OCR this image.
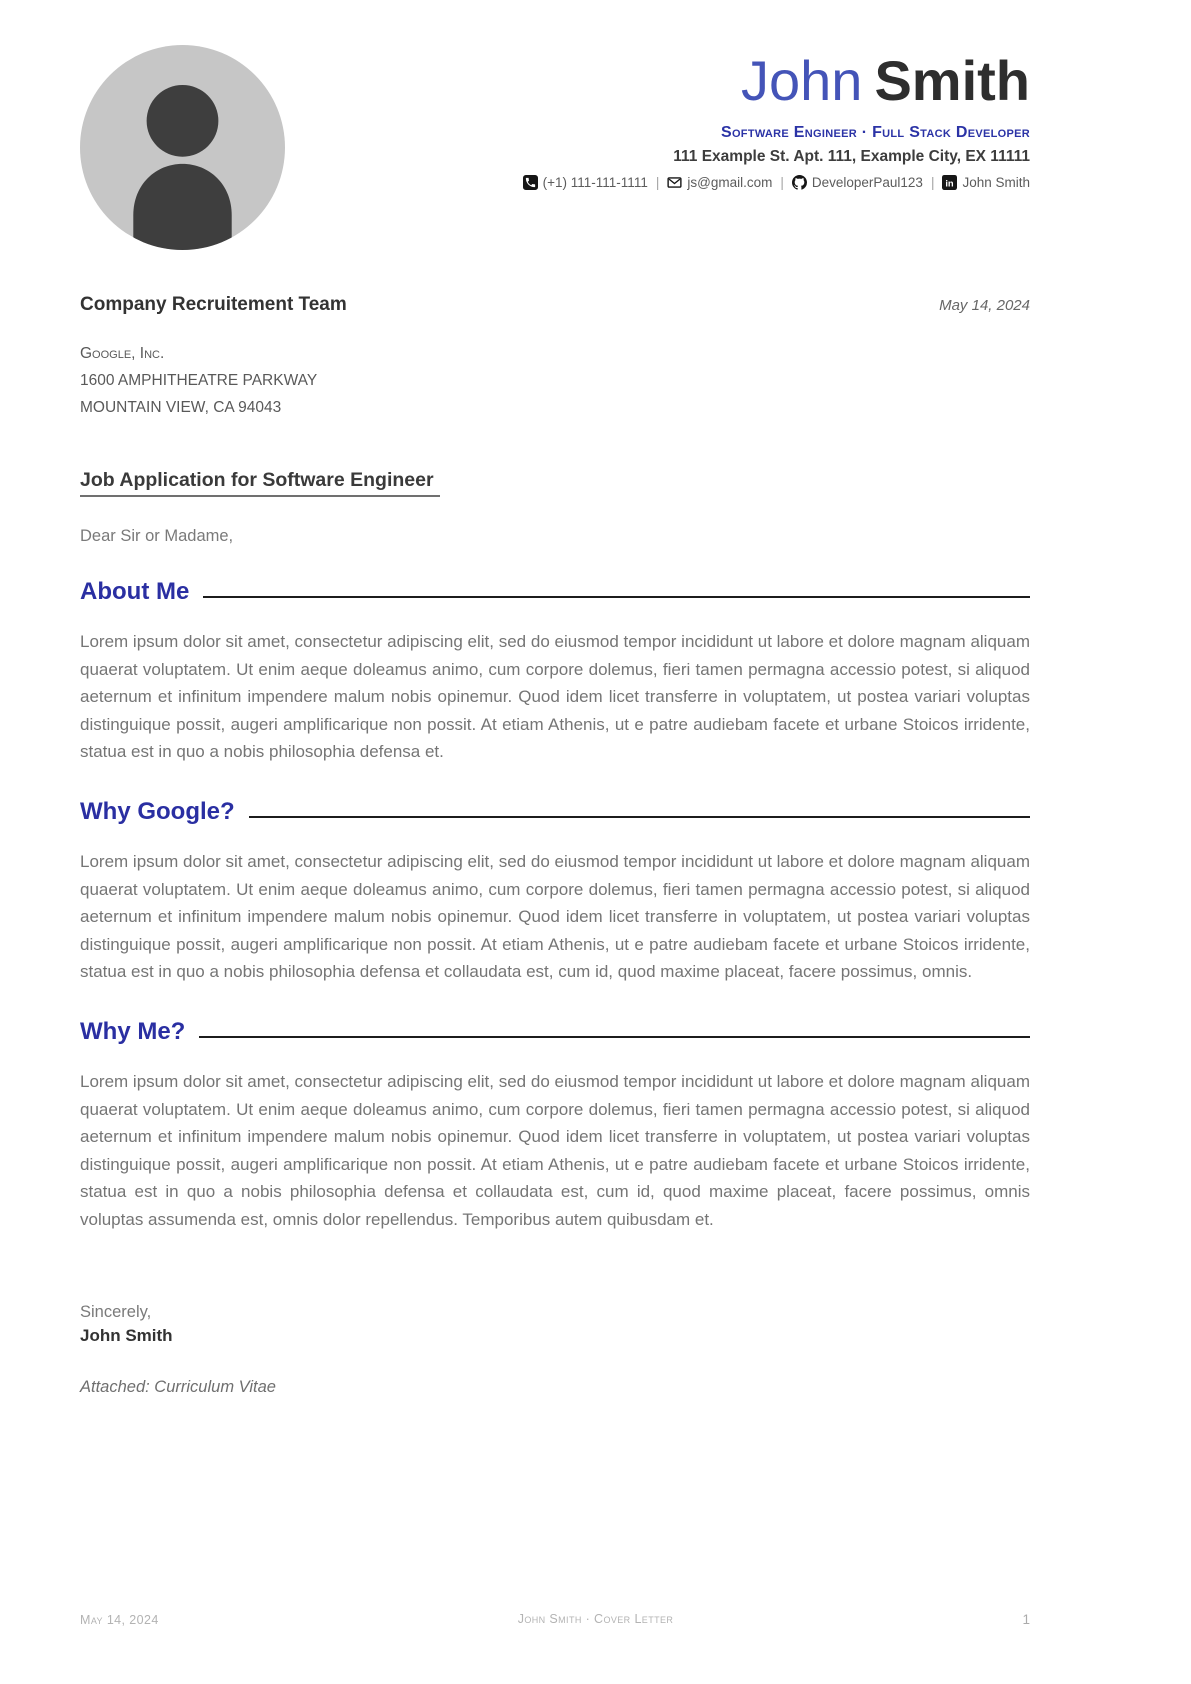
John Smith
Software Engineer · Full Stack Developer
111 Example St. Apt. 111, Example City, EX 11111
(+1) 111-111-1111 | js@gmail.com | DeveloperPaul123 | in John Smith
Company Recruitement Team	May 14, 2024
Google, Inc.
1600 AMPHITHEATRE PARKWAY
MOUNTAIN VIEW, CA 94043
Job Application for Software Engineer
Dear Sir or Madame,
About Me

Lorem ipsum dolor sit amet, consectetur adipiscing elit, sed do eiusmod tempor incididunt ut labore et dolore magnam aliquam quaerat voluptatem. Ut enim aeque doleamus animo, cum corpore dolemus, fieri tamen permagna accessio potest, si aliquod aeternum et infinitum impendere malum nobis opinemur. Quod idem licet transferre in voluptatem, ut postea variari voluptas distinguique possit, augeri amplificarique non possit. At etiam Athenis, ut e patre audiebam facete et urbane Stoicos irridente, statua est in quo a nobis philosophia defensa et.

Why Google?

Lorem ipsum dolor sit amet, consectetur adipiscing elit, sed do eiusmod tempor incididunt ut labore et dolore magnam aliquam quaerat voluptatem. Ut enim aeque doleamus animo, cum corpore dolemus, fieri tamen permagna accessio potest, si aliquod aeternum et infinitum impendere malum nobis opinemur. Quod idem licet transferre in voluptatem, ut postea variari voluptas distinguique possit, augeri amplificarique non possit. At etiam Athenis, ut e patre audiebam facete et urbane Stoicos irridente, statua est in quo a nobis philosophia defensa et collaudata est, cum id, quod maxime placeat, facere possimus, omnis.

Why Me?

Lorem ipsum dolor sit amet, consectetur adipiscing elit, sed do eiusmod tempor incididunt ut labore et dolore magnam aliquam quaerat voluptatem. Ut enim aeque doleamus animo, cum corpore dolemus, fieri tamen permagna accessio potest, si aliquod aeternum et infinitum impendere malum nobis opinemur. Quod idem licet transferre in voluptatem, ut postea variari voluptas distinguique possit, augeri amplificarique non possit. At etiam Athenis, ut e patre audiebam facete et urbane Stoicos irridente, statua est in quo a nobis philosophia defensa et collaudata est, cum id, quod maxime placeat, facere possimus, omnis voluptas assumenda est, omnis dolor repellendus. Temporibus autem quibusdam et.

Sincerely,
John Smith
Attached: Curriculum Vitae
May 14, 2024	John Smith · Cover Letter	1
